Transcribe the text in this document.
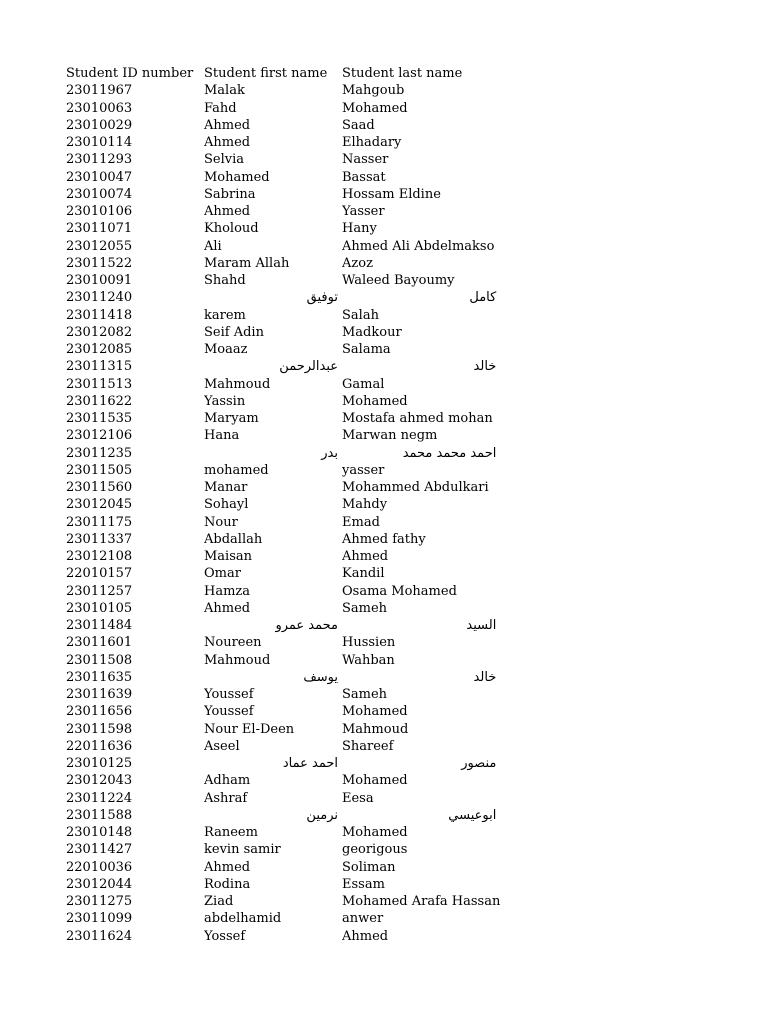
Student ID number	Student first name	Student last name
23011967	Malak	Mahgoub
23010063	Fahd	Mohamed
23010029	Ahmed	Saad
23010114	Ahmed	Elhadary
23011293	Selvia	Nasser
23010047	Mohamed	Bassat
23010074	Sabrina	Hossam Eldine
23010106	Ahmed	Yasser
23011071	Kholoud	Hany
23012055	Ali	Ahmed Ali Abdelmakso
23011522	Maram Allah	Azoz
23010091	Shahd	Waleed Bayoumy
23011240	توفيق	كامل
23011418	karem	Salah
23012082	Seif Adin	Madkour
23012085	Moaaz	Salama
23011315	عبدالرحمن	خالد
23011513	Mahmoud	Gamal
23011622	Yassin	Mohamed
23011535	Maryam	Mostafa ahmed mohan
23012106	Hana	Marwan negm
23011235	بدر	احمد محمد محمد
23011505	mohamed	yasser
23011560	Manar	Mohammed Abdulkari
23012045	Sohayl	Mahdy
23011175	Nour	Emad
23011337	Abdallah	Ahmed fathy
23012108	Maisan	Ahmed
22010157	Omar	Kandil
23011257	Hamza	Osama Mohamed
23010105	Ahmed	Sameh
23011484	محمد عمرو	السيد
23011601	Noureen	Hussien
23011508	Mahmoud	Wahban
23011635	يوسف	خالد
23011639	Youssef	Sameh
23011656	Youssef	Mohamed
23011598	Nour El-Deen	Mahmoud
22011636	Aseel	Shareef
23010125	احمد عماد	منصور
23012043	Adham	Mohamed
23011224	Ashraf	Eesa
23011588	نرمين	ابوعيسي
23010148	Raneem	Mohamed
23011427	kevin samir	georigous
22010036	Ahmed	Soliman
23012044	Rodina	Essam
23011275	Ziad	Mohamed Arafa Hassan
23011099	abdelhamid	anwer
23011624	Yossef	Ahmed
